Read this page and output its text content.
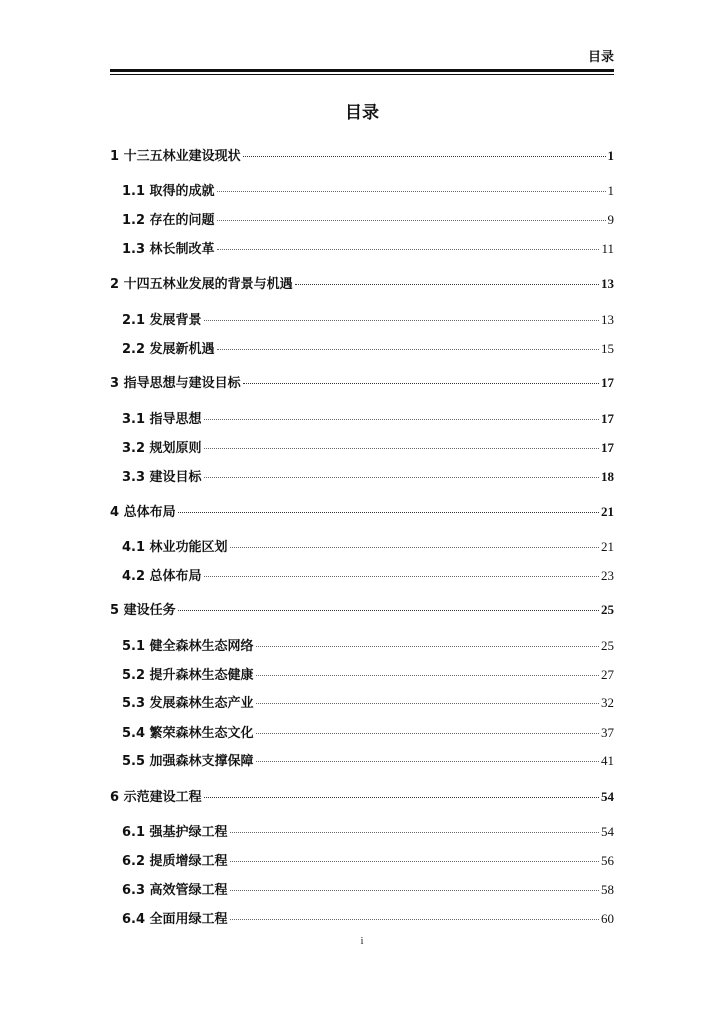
目录
目录
1 十三五林业建设现状	1
1.1 取得的成就	1
1.2 存在的问题	9
1.3 林长制改革	11
2 十四五林业发展的背景与机遇	13
2.1 发展背景	13
2.2 发展新机遇	15
3 指导思想与建设目标	17
3.1 指导思想	17
3.2 规划原则	17
3.3 建设目标	18
4 总体布局	21
4.1 林业功能区划	21
4.2 总体布局	23
5 建设任务	25
5.1 健全森林生态网络	25
5.2 提升森林生态健康	27
5.3 发展森林生态产业	32
5.4 繁荣森林生态文化	37
5.5 加强森林支撑保障	41
6 示范建设工程	54
6.1 强基护绿工程	54
6.2 提质增绿工程	56
6.3 高效管绿工程	58
6.4 全面用绿工程	60
i
